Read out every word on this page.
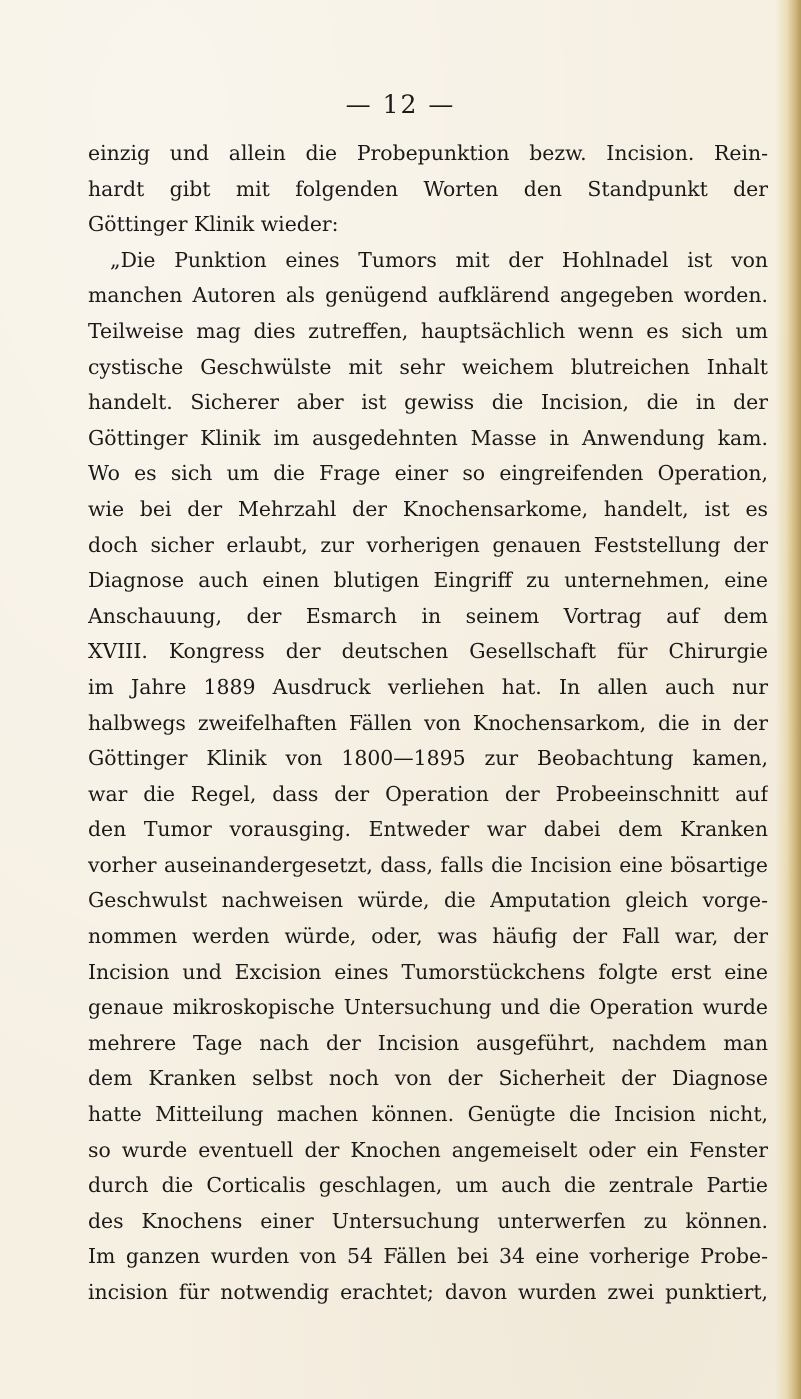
— 12 —
einzig und allein die Probepunktion bezw. Incision. Rein-
hardt gibt mit folgenden Worten den Standpunkt der
Göttinger Klinik wieder:
„Die Punktion eines Tumors mit der Hohlnadel ist von
manchen Autoren als genügend aufklärend angegeben worden.
Teilweise mag dies zutreffen, hauptsächlich wenn es sich um
cystische Geschwülste mit sehr weichem blutreichen Inhalt
handelt. Sicherer aber ist gewiss die Incision, die in der
Göttinger Klinik im ausgedehnten Masse in Anwendung kam.
Wo es sich um die Frage einer so eingreifenden Operation,
wie bei der Mehrzahl der Knochensarkome, handelt, ist es
doch sicher erlaubt, zur vorherigen genauen Feststellung der
Diagnose auch einen blutigen Eingriff zu unternehmen, eine
Anschauung, der Esmarch in seinem Vortrag auf dem
XVIII. Kongress der deutschen Gesellschaft für Chirurgie
im Jahre 1889 Ausdruck verliehen hat. In allen auch nur
halbwegs zweifelhaften Fällen von Knochensarkom, die in der
Göttinger Klinik von 1800—1895 zur Beobachtung kamen,
war die Regel, dass der Operation der Probeeinschnitt auf
den Tumor vorausging. Entweder war dabei dem Kranken
vorher auseinandergesetzt, dass, falls die Incision eine bösartige
Geschwulst nachweisen würde, die Amputation gleich vorge-
nommen werden würde, oder, was häufig der Fall war, der
Incision und Excision eines Tumorstückchens folgte erst eine
genaue mikroskopische Untersuchung und die Operation wurde
mehrere Tage nach der Incision ausgeführt, nachdem man
dem Kranken selbst noch von der Sicherheit der Diagnose
hatte Mitteilung machen können. Genügte die Incision nicht,
so wurde eventuell der Knochen angemeiselt oder ein Fenster
durch die Corticalis geschlagen, um auch die zentrale Partie
des Knochens einer Untersuchung unterwerfen zu können.
Im ganzen wurden von 54 Fällen bei 34 eine vorherige Probe-
incision für notwendig erachtet; davon wurden zwei punktiert,
